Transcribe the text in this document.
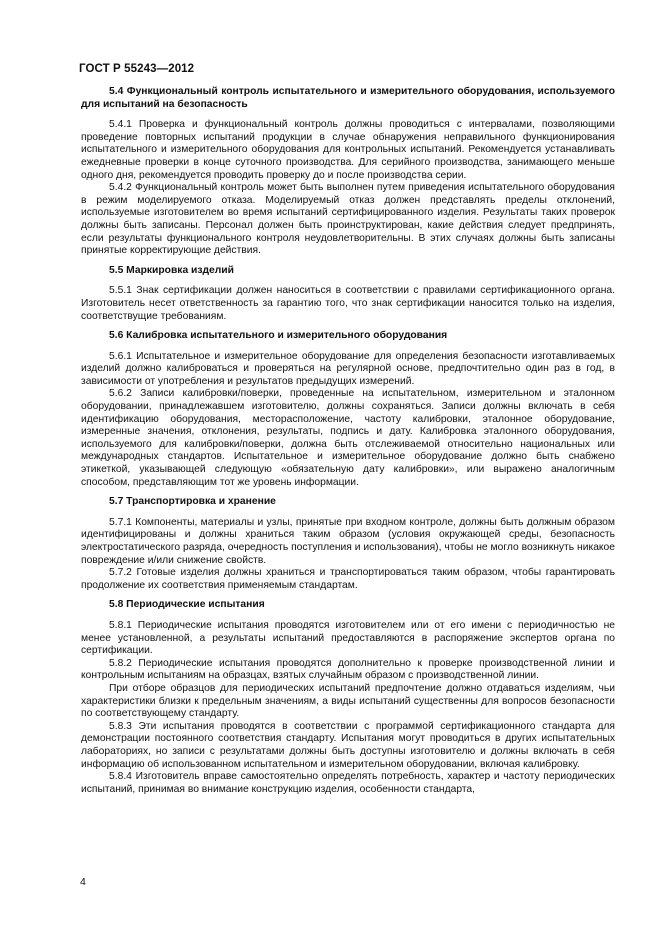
ГОСТ Р 55243—2012
5.4 Функциональный контроль испытательного и измерительного оборудования, используемого для испытаний на безопасность
5.4.1 Проверка и функциональный контроль должны проводиться с интервалами, позволяющими проведение повторных испытаний продукции в случае обнаружения неправильного функционирования испытательного и измерительного оборудования для контрольных испытаний. Рекомендуется устанавливать ежедневные проверки в конце суточного производства. Для серийного производства, занимающего меньше одного дня, рекомендуется проводить проверку до и после производства серии.
5.4.2 Функциональный контроль может быть выполнен путем приведения испытательного оборудования в режим моделируемого отказа. Моделируемый отказ должен представлять пределы отклонений, используемые изготовителем во время испытаний сертифицированного изделия. Результаты таких проверок должны быть записаны. Персонал должен быть проинструктирован, какие действия следует предпринять, если результаты функционального контроля неудовлетворительны. В этих случаях должны быть записаны принятые корректирующие действия.
5.5 Маркировка изделий
5.5.1 Знак сертификации должен наноситься в соответствии с правилами сертификационного органа. Изготовитель несет ответственность за гарантию того, что знак сертификации наносится только на изделия, соответствущие требованиям.
5.6 Калибровка испытательного и измерительного оборудования
5.6.1 Испытательное и измерительное оборудование для определения безопасности изготавливаемых изделий должно калиброваться и проверяться на регулярной основе, предпочтительно один раз в год, в зависимости от употребления и результатов предыдущих измерений.
5.6.2 Записи калибровки/поверки, проведенные на испытательном, измерительном и эталонном оборудовании, принадлежавшем изготовителю, должны сохраняться. Записи должны включать в себя идентификацию оборудования, месторасположение, частоту калибровки, эталонное оборудование, измеренные значения, отклонения, результаты, подпись и дату. Калибровка эталонного оборудования, используемого для калибровки/поверки, должна быть отслеживаемой относительно национальных или международных стандартов. Испытательное и измерительное оборудование должно быть снабжено этикеткой, указывающей следующую «обязательную дату калибровки», или выражено аналогичным способом, представляющим тот же уровень информации.
5.7 Транспортировка и хранение
5.7.1 Компоненты, материалы и узлы, принятые при входном контроле, должны быть должным образом идентифицированы и должны храниться таким образом (условия окружающей среды, безопасность электростатического разряда, очередность поступления и использования), чтобы не могло возникнуть никакое повреждение и/или снижение свойств.
5.7.2 Готовые изделия должны храниться и транспортироваться таким образом, чтобы гарантировать продолжение их соответствия применяемым стандартам.
5.8 Периодические испытания
5.8.1 Периодические испытания проводятся изготовителем или от его имени с периодичностью не менее установленной, а результаты испытаний предоставляются в распоряжение экспертов органа по сертификации.
5.8.2 Периодические испытания проводятся дополнительно к проверке производственной линии и контрольным испытаниям на образцах, взятых случайным образом с производственной линии.
При отборе образцов для периодических испытаний предпочтение должно отдаваться изделиям, чьи характеристики близки к предельным значениям, а виды испытаний существенны для вопросов безопасности по соответствующему стандарту.
5.8.3 Эти испытания проводятся в соответствии с программой сертификационного стандарта для демонстрации постоянного соответствия стандарту. Испытания могут проводиться в других испытательных лабораториях, но записи с результатами должны быть доступны изготовителю и должны включать в себя информацию об использованном испытательном и измерительном оборудовании, включая калибровку.
5.8.4 Изготовитель вправе самостоятельно определять потребность, характер и частоту периодических испытаний, принимая во внимание конструкцию изделия, особенности стандарта,
4
